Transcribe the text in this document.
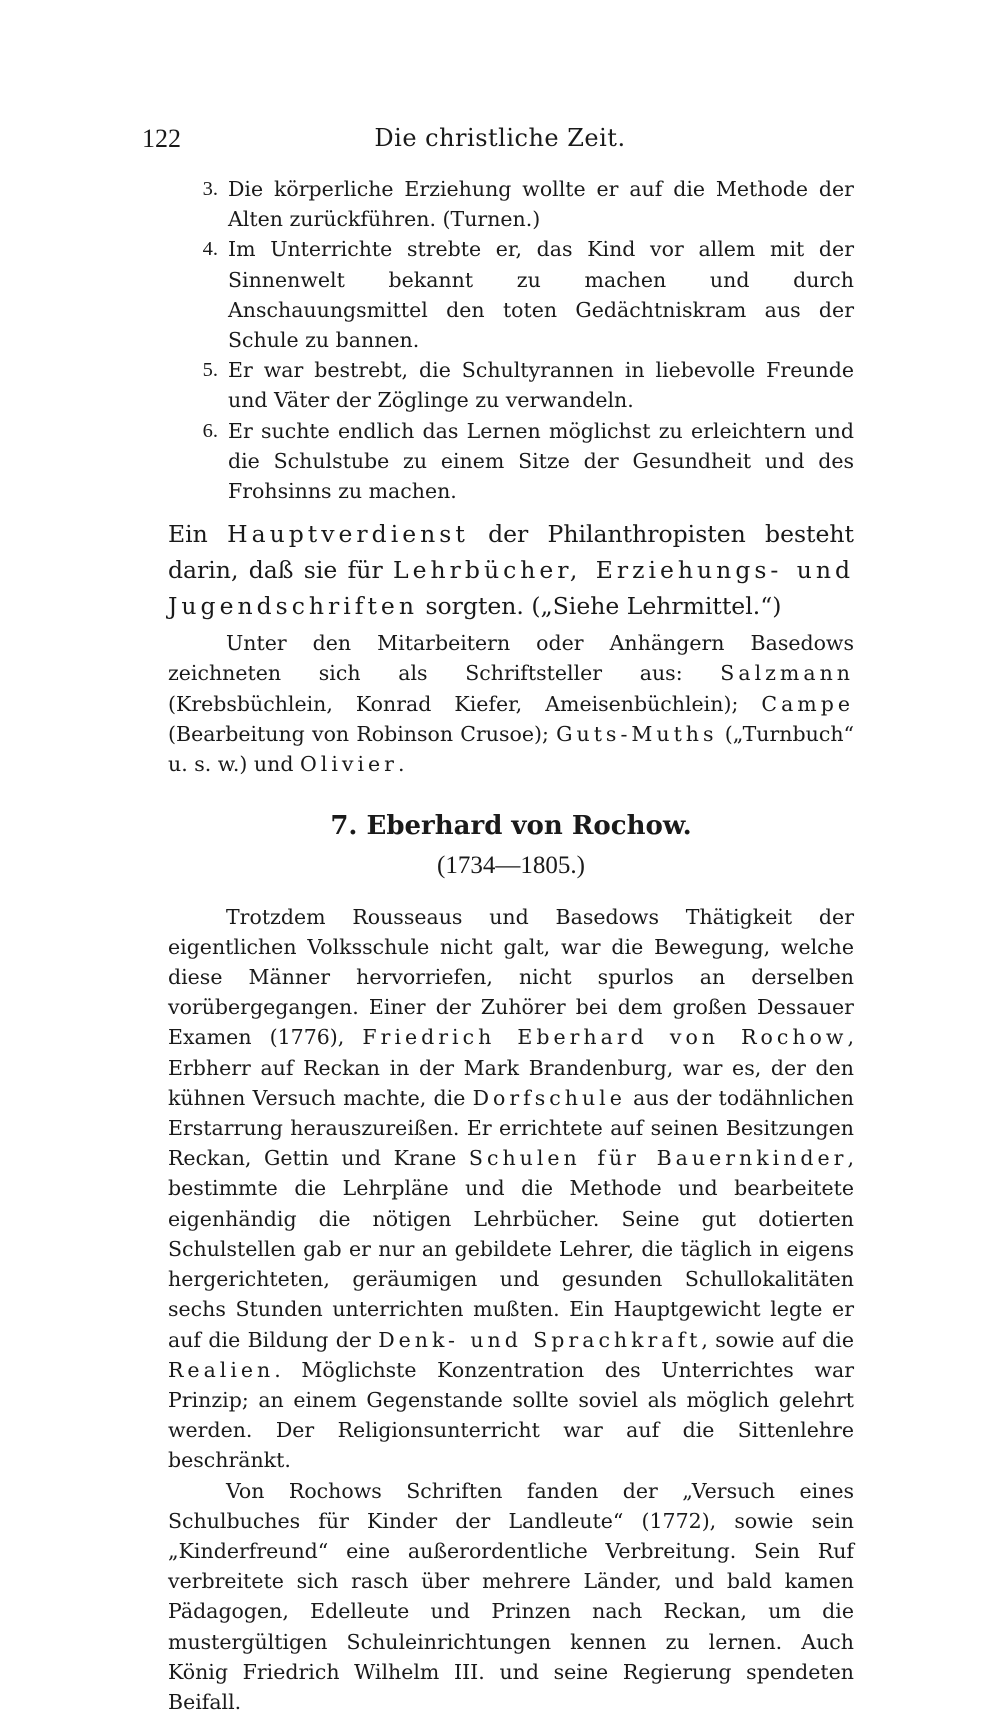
122	Die christliche Zeit.
3. Die körperliche Erziehung wollte er auf die Methode der Alten zurückführen. (Turnen.)
4. Im Unterrichte strebte er, das Kind vor allem mit der Sinnenwelt bekannt zu machen und durch Anschauungsmittel den toten Gedächtniskram aus der Schule zu bannen.
5. Er war bestrebt, die Schultyrannen in liebevolle Freunde und Väter der Zöglinge zu verwandeln.
6. Er suchte endlich das Lernen möglichst zu erleichtern und die Schulstube zu einem Sitze der Gesundheit und des Frohsinns zu machen.

Ein Hauptverdienst der Philanthropisten besteht darin, daß sie für Lehrbücher, Erziehungs- und Jugendschriften sorgten. („Siehe Lehrmittel.“)

Unter den Mitarbeitern oder Anhängern Basedows zeichneten sich als Schriftsteller aus: Salzmann (Krebsbüchlein, Konrad Kiefer, Ameisenbüchlein); Campe (Bearbeitung von Robinson Crusoe); Guts-Muths („Turnbuch“ u. s. w.) und Olivier.

7. Eberhard von Rochow.
(1734—1805.)

Trotzdem Rousseaus und Basedows Thätigkeit der eigentlichen Volksschule nicht galt, war die Bewegung, welche diese Männer hervorriefen, nicht spurlos an derselben vorübergegangen. Einer der Zuhörer bei dem großen Dessauer Examen (1776), Friedrich Eberhard von Rochow, Erbherr auf Reckan in der Mark Brandenburg, war es, der den kühnen Versuch machte, die Dorfschule aus der todähnlichen Erstarrung herauszureißen. Er errichtete auf seinen Besitzungen Reckan, Gettin und Krane Schulen für Bauernkinder, bestimmte die Lehrpläne und die Methode und bearbeitete eigenhändig die nötigen Lehrbücher. Seine gut dotierten Schulstellen gab er nur an gebildete Lehrer, die täglich in eigens hergerichteten, geräumigen und gesunden Schullokalitäten sechs Stunden unterrichten mußten. Ein Hauptgewicht legte er auf die Bildung der Denk- und Sprachkraft, sowie auf die Realien. Möglichste Konzentration des Unterrichtes war Prinzip; an einem Gegenstande sollte soviel als möglich gelehrt werden. Der Religionsunterricht war auf die Sittenlehre beschränkt.

Von Rochows Schriften fanden der „Versuch eines Schulbuches für Kinder der Landleute“ (1772), sowie sein „Kinderfreund“ eine außerordentliche Verbreitung. Sein Ruf verbreitete sich rasch über mehrere Länder, und bald kamen Pädagogen, Edelleute und Prinzen nach Reckan, um die mustergültigen Schuleinrichtungen kennen zu lernen. Auch König Friedrich Wilhelm III. und seine Regierung spendeten Beifall.
